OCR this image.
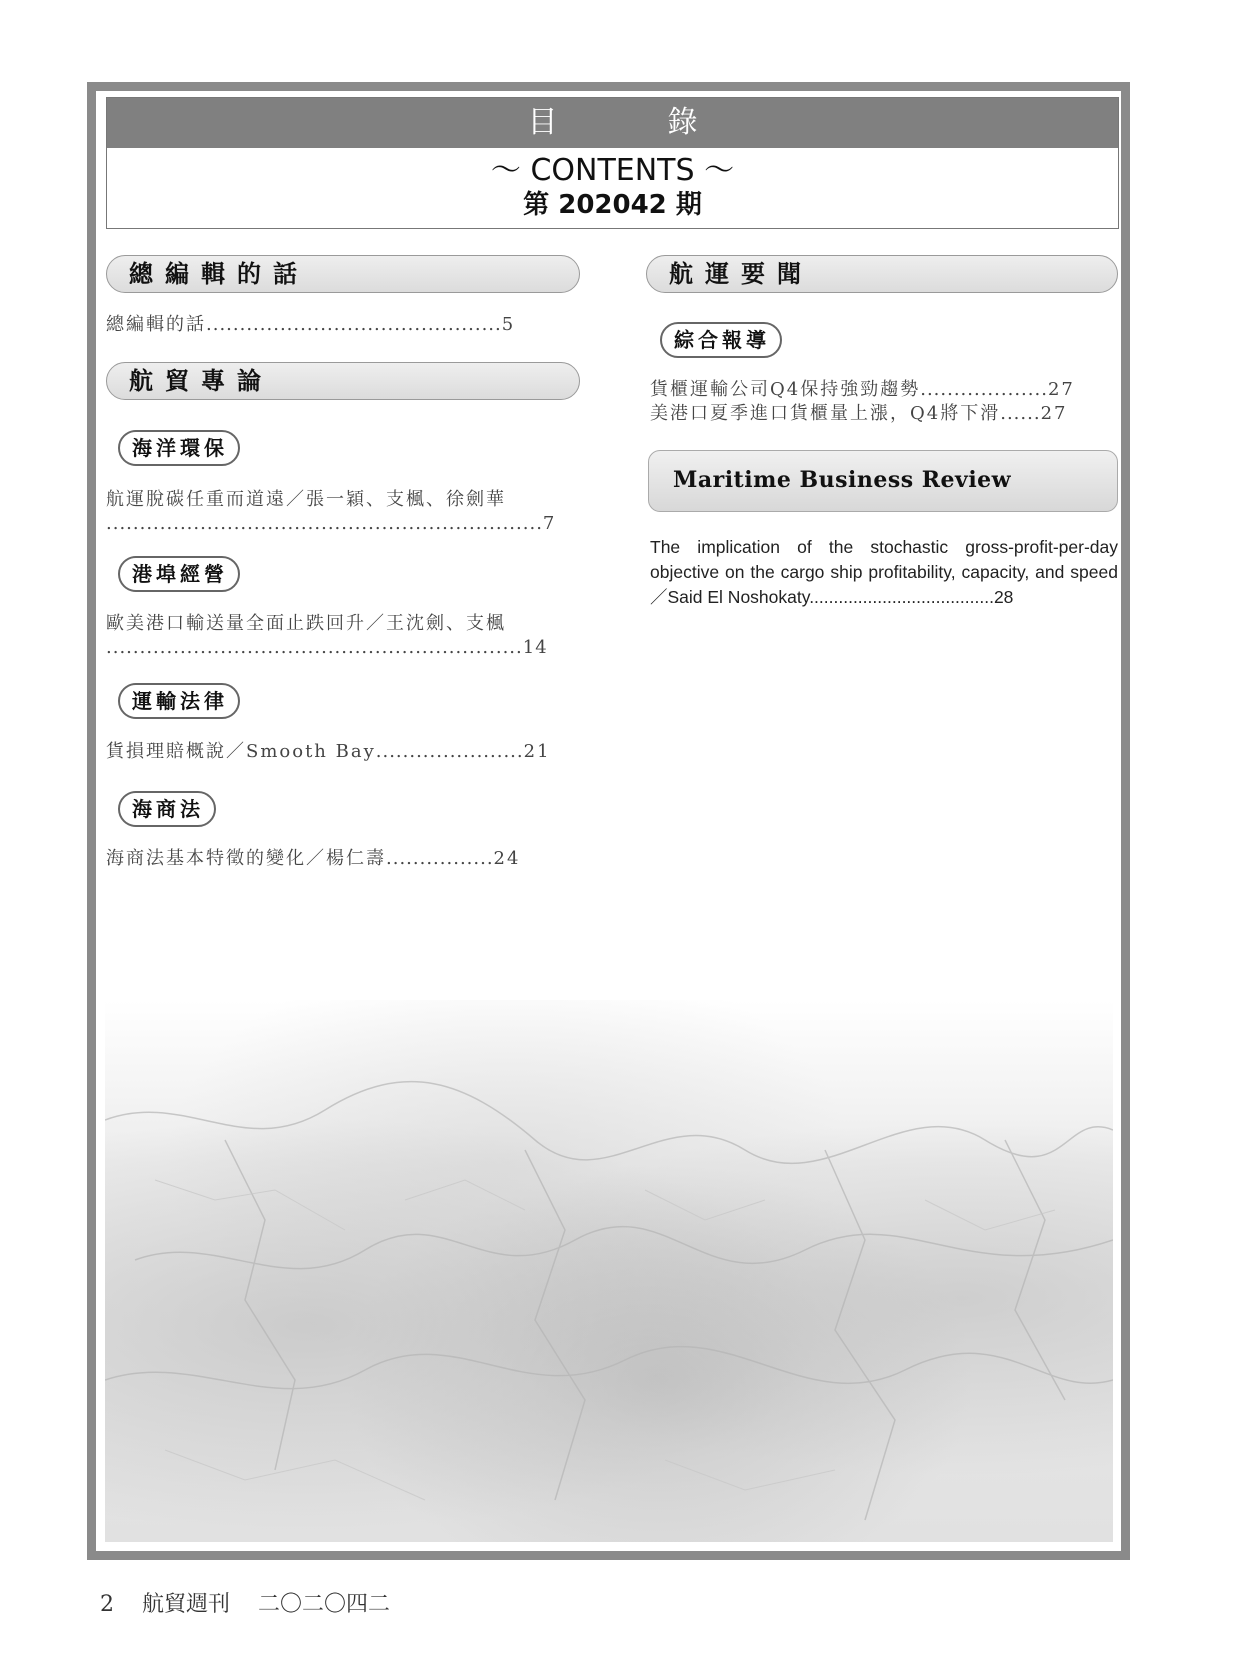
目　錄
～ CONTENTS ～
第 202042 期
總編輯的話
總編輯的話............................................5
航貿專論
海洋環保
航運脫碳任重而道遠／張一穎、支楓、徐劍華
.................................................................7
港埠經營
歐美港口輸送量全面止跌回升／王沈劍、支楓
..............................................................14
運輸法律
貨損理賠概說／Smooth Bay......................21
海商法
海商法基本特徵的變化／楊仁壽................24
航運要聞
綜合報導
貨櫃運輸公司Q4保持強勁趨勢...................27
美港口夏季進口貨櫃量上漲，Q4將下滑......27
Maritime Business Review
The implication of the stochastic gross-profit-per-day objective on the cargo ship profitability, capacity, and speed／Said El Noshokaty......................................28
2 航貿週刊 二〇二〇四二
